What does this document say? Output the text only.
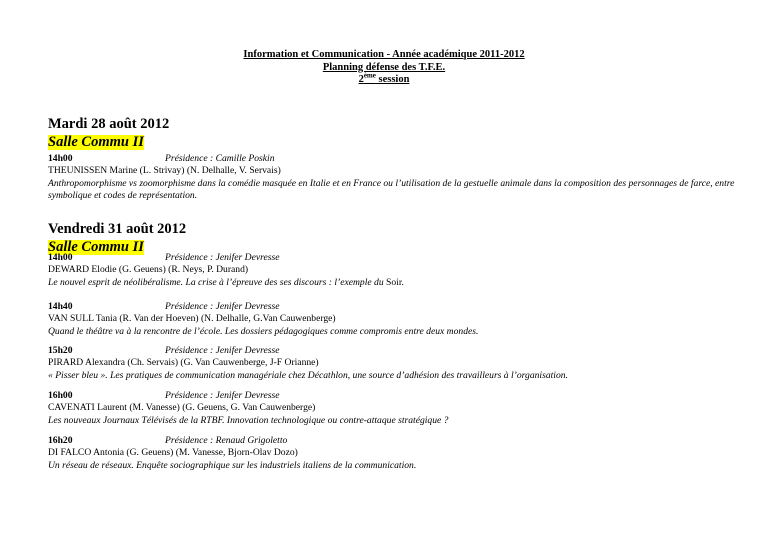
Information et Communication - Année académique 2011-2012
Planning défense des T.F.E.
2ème session
Mardi 28 août 2012
Salle Commu II
14h00	Présidence : Camille Poskin
THEUNISSEN Marine (L. Strivay) (N. Delhalle, V. Servais)
Anthropomorphisme vs zoomorphisme dans la comédie masquée en Italie et en France ou l’utilisation de la gestuelle animale dans la composition des personnages de farce, entre symbolique et codes de représentation.
Vendredi 31 août 2012
Salle Commu II
14h00	Présidence : Jenifer Devresse
DEWARD Elodie (G. Geuens) (R. Neys, P. Durand)
Le nouvel esprit de néolibéralisme. La crise à l’épreuve des ses discours : l’exemple du Soir.
14h40	Présidence : Jenifer Devresse
VAN SULL Tania (R. Van der Hoeven) (N. Delhalle, G.Van Cauwenberge)
Quand le théâtre va à la rencontre de l’école. Les dossiers pédagogiques comme compromis entre deux mondes.
15h20	Présidence : Jenifer Devresse
PIRARD Alexandra (Ch. Servais) (G. Van Cauwenberge, J-F Orianne)
« Pisser bleu ». Les pratiques de communication managériale chez Décathlon, une source d’adhésion des travailleurs à l’organisation.
16h00	Présidence : Jenifer Devresse
CAVENATI Laurent (M. Vanesse) (G. Geuens, G. Van Cauwenberge)
Les nouveaux Journaux Télévisés de la RTBF. Innovation technologique ou contre-attaque stratégique ?
16h20	Présidence : Renaud Grigoletto
DI FALCO Antonia (G. Geuens) (M. Vanesse, Bjorn-Olav Dozo)
Un réseau de réseaux. Enquête sociographique sur les industriels italiens de la communication.
